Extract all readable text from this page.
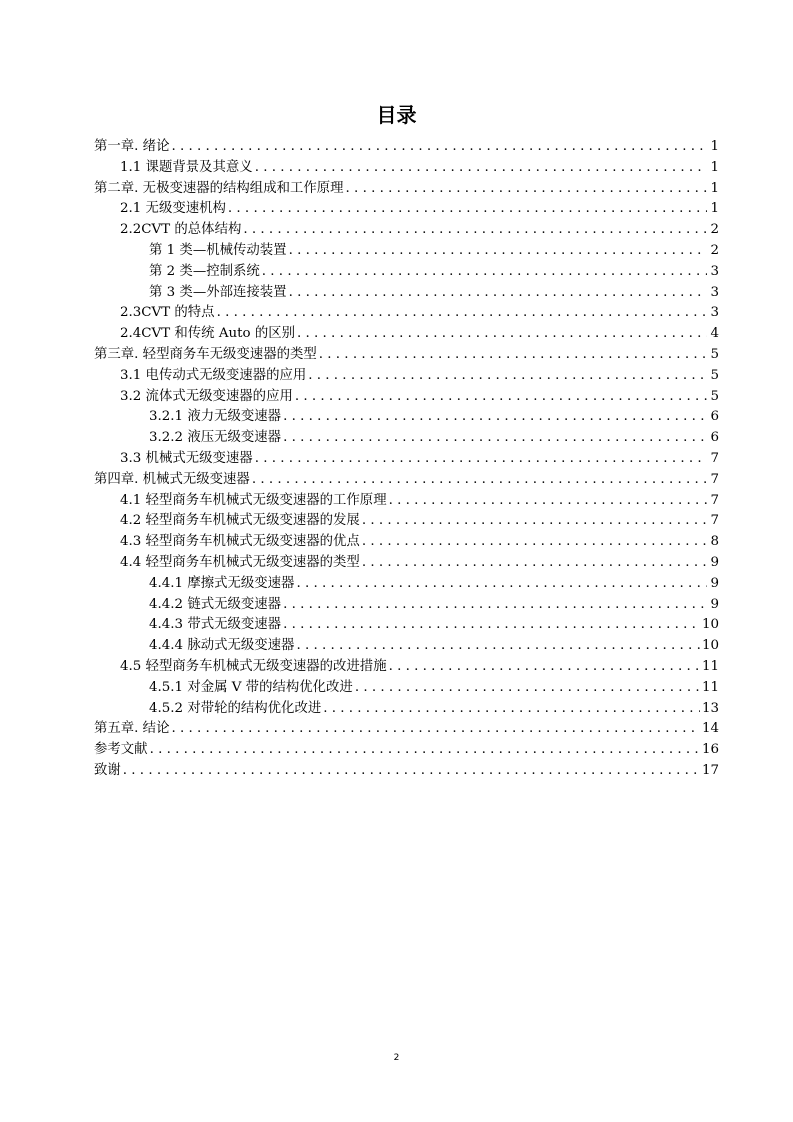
目录
第一章. 绪论 . . .	1
1.1 课题背景及其意义 . . .	1
第二章. 无极变速器的结构组成和工作原理 . . .	1
2.1 无级变速机构 . . .	1
2.2CVT 的总体结构 . . .	2
第 1 类—机械传动装置 . . .	2
第 2 类—控制系统 . . .	3
第 3 类—外部连接装置 . . .	3
2.3CVT 的特点 . . .	3
2.4CVT 和传统 Auto 的区别 . . .	4
第三章. 轻型商务车无级变速器的类型 . . .	5
3.1 电传动式无级变速器的应用 . . .	5
3.2 流体式无级变速器的应用 . . .	5
3.2.1 液力无级变速器 . . .	6
3.2.2 液压无级变速器 . . .	6
3.3 机械式无级变速器 . . .	7
第四章. 机械式无级变速器 . . .	7
4.1 轻型商务车机械式无级变速器的工作原理 . . .	7
4.2 轻型商务车机械式无级变速器的发展 . . .	7
4.3 轻型商务车机械式无级变速器的优点 . . .	8
4.4 轻型商务车机械式无级变速器的类型 . . .	9
4.4.1 摩擦式无级变速器 . . .	9
4.4.2 链式无级变速器 . . .	9
4.4.3 带式无级变速器 . . .	10
4.4.4 脉动式无级变速器 . . .	10
4.5 轻型商务车机械式无级变速器的改进措施 . . .	11
4.5.1 对金属 V 带的结构优化改进 . . .	11
4.5.2 对带轮的结构优化改进 . . .	13
第五章. 结论 . . .	14
参考文献 . . .	16
致谢 . . .	17
2
